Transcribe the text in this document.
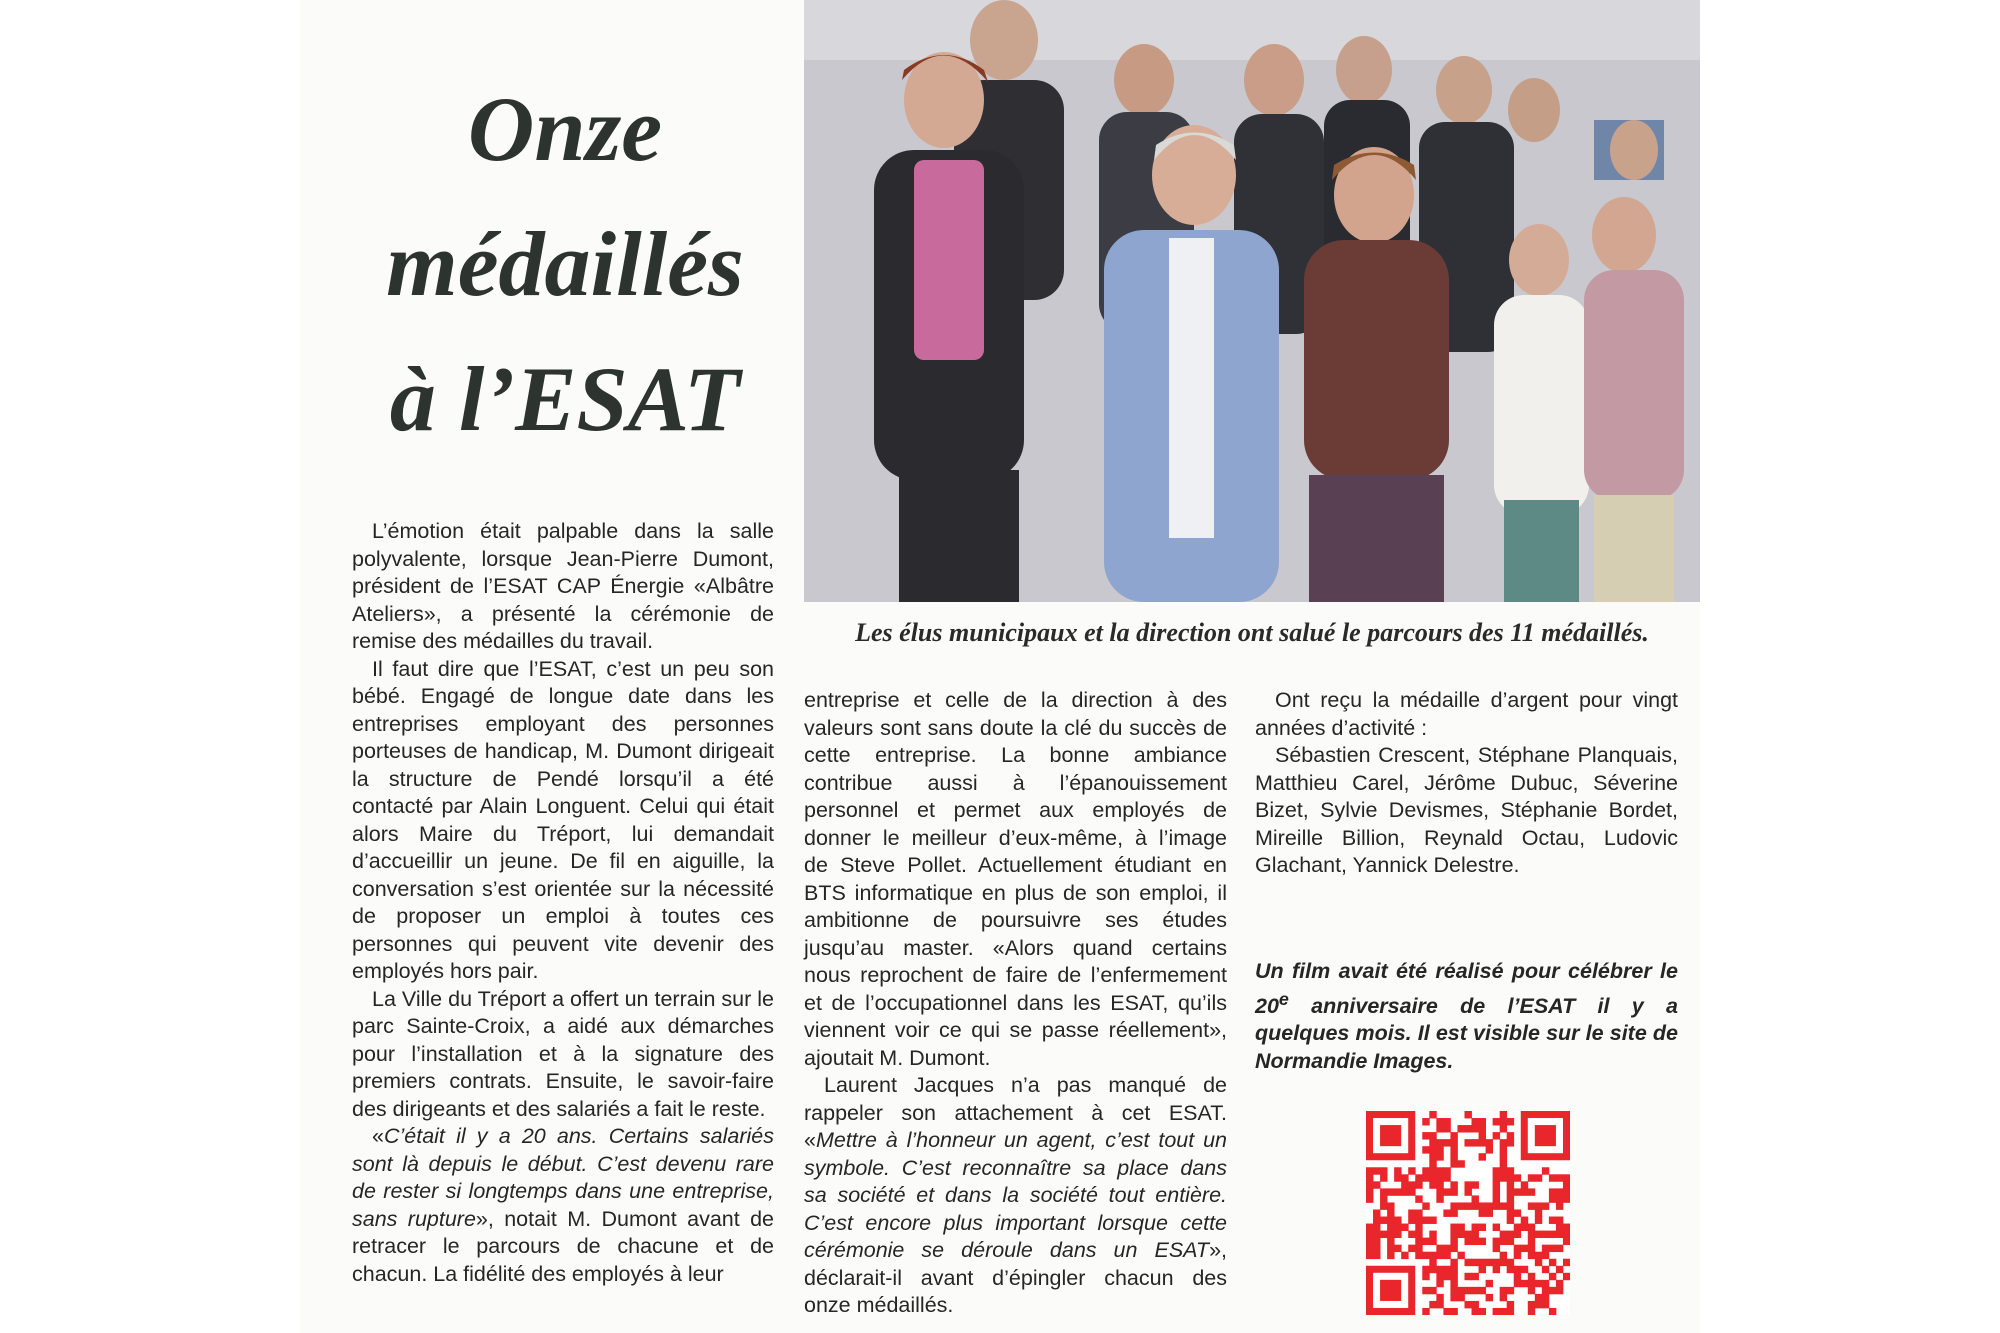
Onze
médaillés
à l’ESAT

Les élus municipaux et la direction ont salué le parcours des 11 médaillés.

L’émotion était palpable dans la salle polyvalente, lorsque Jean-Pierre Dumont, président de l’ESAT CAP Énergie «Albâtre Ateliers», a présenté la cérémonie de remise des médailles du travail.

Il faut dire que l’ESAT, c’est un peu son bébé. Engagé de longue date dans les entreprises employant des personnes porteuses de handicap, M. Dumont dirigeait la structure de Pendé lorsqu’il a été contacté par Alain Longuent. Celui qui était alors Maire du Tréport, lui demandait d’accueillir un jeune. De fil en aiguille, la conversation s’est orientée sur la nécessité de proposer un emploi à toutes ces personnes qui peuvent vite devenir des employés hors pair.

La Ville du Tréport a offert un terrain sur le parc Sainte-Croix, a aidé aux démarches pour l’installation et à la signature des premiers contrats. Ensuite, le savoir-faire des dirigeants et des salariés a fait le reste.

«C’était il y a 20 ans. Certains salariés sont là depuis le début. C’est devenu rare de rester si longtemps dans une entreprise, sans rupture», notait M. Dumont avant de retracer le parcours de chacune et de chacun. La fidélité des employés à leur

entreprise et celle de la direction à des valeurs sont sans doute la clé du succès de cette entreprise. La bonne ambiance contribue aussi à l’épanouissement personnel et permet aux employés de donner le meilleur d’eux-même, à l’image de Steve Pollet. Actuellement étudiant en BTS informatique en plus de son emploi, il ambitionne de poursuivre ses études jusqu’au master. «Alors quand certains nous reprochent de faire de l’enfermement et de l’occupationnel dans les ESAT, qu’ils viennent voir ce qui se passe réellement», ajoutait M. Dumont.

Laurent Jacques n’a pas manqué de rappeler son attachement à cet ESAT. «Mettre à l’honneur un agent, c’est tout un symbole. C’est reconnaître sa place dans sa société et dans la société tout entière. C’est encore plus important lorsque cette cérémonie se déroule dans un ESAT», déclarait-il avant d’épingler chacun des onze médaillés.

Ont reçu la médaille d’argent pour vingt années d’activité :

Sébastien Crescent, Stéphane Planquais, Matthieu Carel, Jérôme Dubuc, Séverine Bizet, Sylvie Devismes, Stéphanie Bordet, Mireille Billion, Reynald Octau, Ludovic Glachant, Yannick Delestre.

Un film avait été réalisé pour célébrer le 20e anniversaire de l’ESAT il y a quelques mois. Il est visible sur le site de Normandie Images.
